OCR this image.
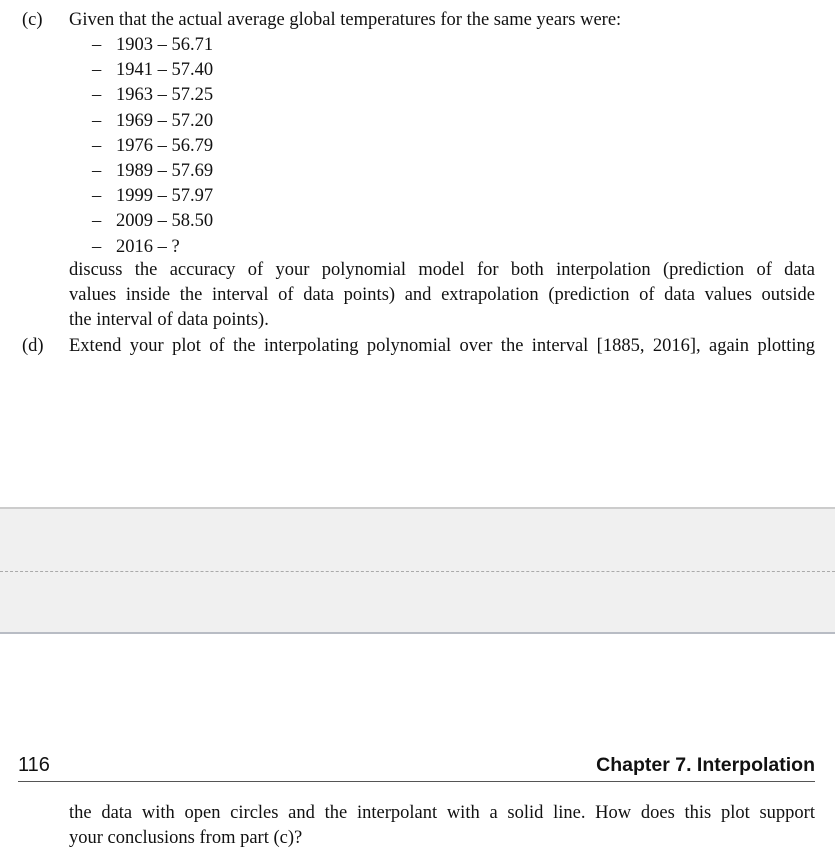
(c) Given that the actual average global temperatures for the same years were:
– 1903 – 56.71
– 1941 – 57.40
– 1963 – 57.25
– 1969 – 57.20
– 1976 – 56.79
– 1989 – 57.69
– 1999 – 57.97
– 2009 – 58.50
– 2016 – ?
discuss the accuracy of your polynomial model for both interpolation (prediction of data
values inside the interval of data points) and extrapolation (prediction of data values outside
the interval of data points).
(d) Extend your plot of the interpolating polynomial over the interval [1885, 2016], again plotting
116	Chapter 7. Interpolation
the data with open circles and the interpolant with a solid line. How does this plot support
your conclusions from part (c)?
